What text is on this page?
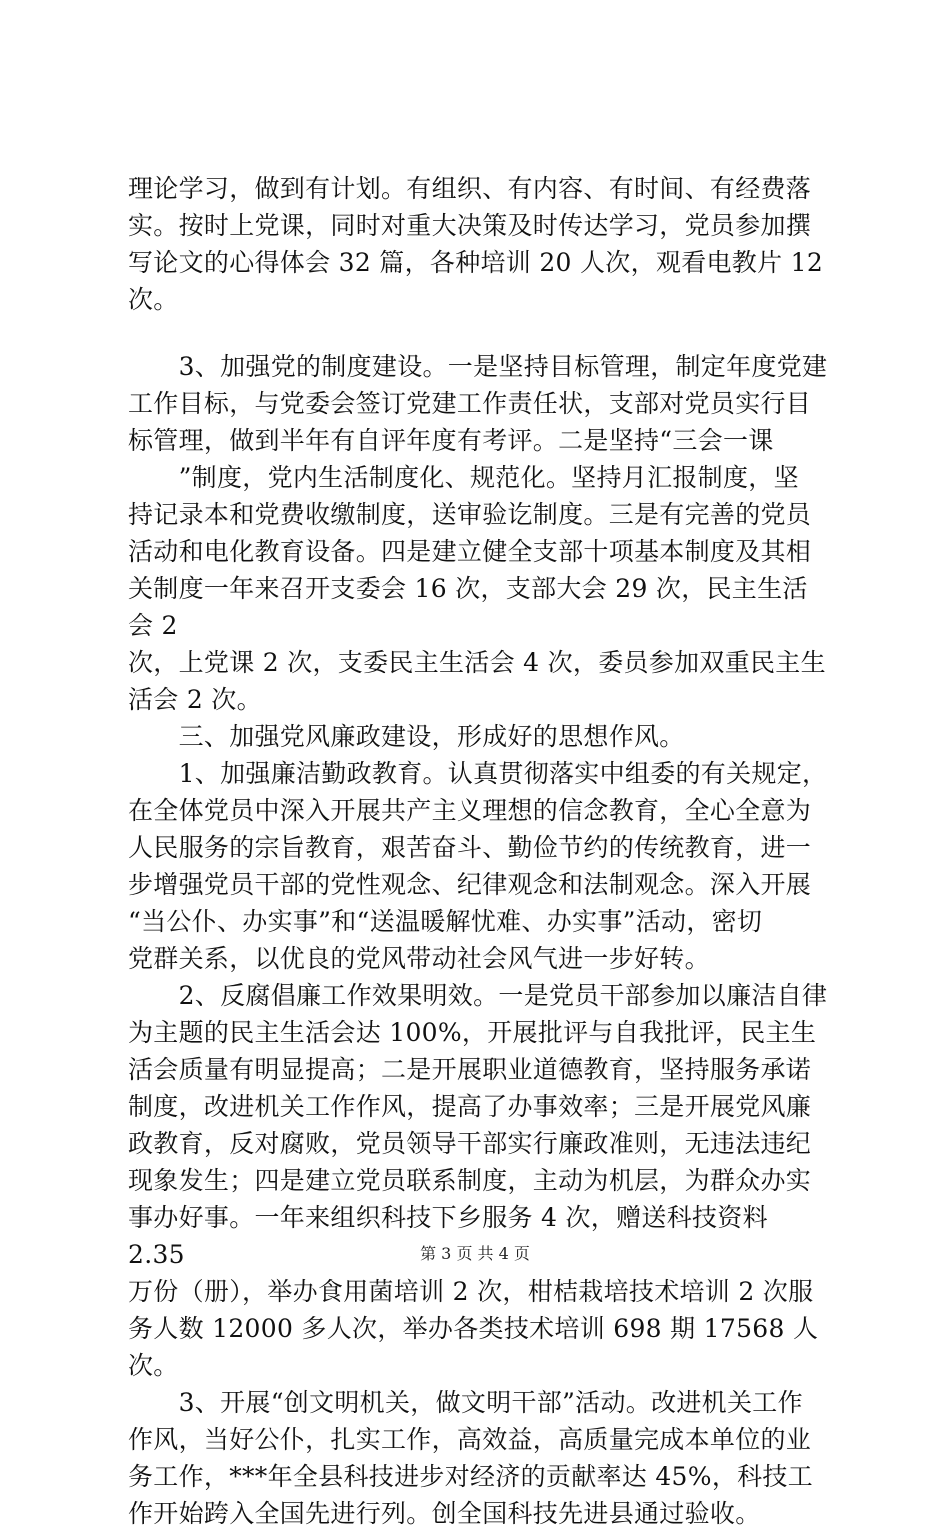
理论学习，做到有计划。有组织、有内容、有时间、有经费落

实。按时上党课，同时对重大决策及时传达学习，党员参加撰

写论文的心得体会 32 篇，各种培训 20 人次，观看电教片 12 次。

　　3、加强党的制度建设。一是坚持目标管理，制定年度党建

工作目标，与党委会签订党建工作责任状，支部对党员实行目

标管理，做到半年有自评年度有考评。二是坚持“三会一课

　　”制度，党内生活制度化、规范化。坚持月汇报制度，坚

持记录本和党费收缴制度，送审验讫制度。三是有完善的党员

活动和电化教育设备。四是建立健全支部十项基本制度及其相

关制度一年来召开支委会 16 次，支部大会 29 次，民主生活会 2

次，上党课 2 次，支委民主生活会 4 次，委员参加双重民主生

活会 2 次。

　　三、加强党风廉政建设，形成好的思想作风。

　　1、加强廉洁勤政教育。认真贯彻落实中组委的有关规定，

在全体党员中深入开展共产主义理想的信念教育，全心全意为

人民服务的宗旨教育，艰苦奋斗、勤俭节约的传统教育，进一

步增强党员干部的党性观念、纪律观念和法制观念。深入开展

“当公仆、办实事”和“送温暖解忧难、办实事”活动，密切

党群关系，以优良的党风带动社会风气进一步好转。

　　2、反腐倡廉工作效果明效。一是党员干部参加以廉洁自律

为主题的民主生活会达 100%，开展批评与自我批评，民主生

活会质量有明显提高；二是开展职业道德教育，坚持服务承诺

制度，改进机关工作作风，提高了办事效率；三是开展党风廉

政教育，反对腐败，党员领导干部实行廉政准则，无违法违纪

现象发生；四是建立党员联系制度，主动为机层，为群众办实

事办好事。一年来组织科技下乡服务 4 次，赠送科技资料 2.35

万份（册），举办食用菌培训 2 次，柑桔栽培技术培训 2 次服

务人数 12000 多人次，举办各类技术培训 698 期 17568 人次。

　　3、开展“创文明机关，做文明干部”活动。改进机关工作

作风，当好公仆，扎实工作，高效益，高质量完成本单位的业

务工作，***年全县科技进步对经济的贡献率达 45%，科技工

作开始跨入全国先进行列。创全国科技先进县通过验收。

第 3 页 共 4 页
